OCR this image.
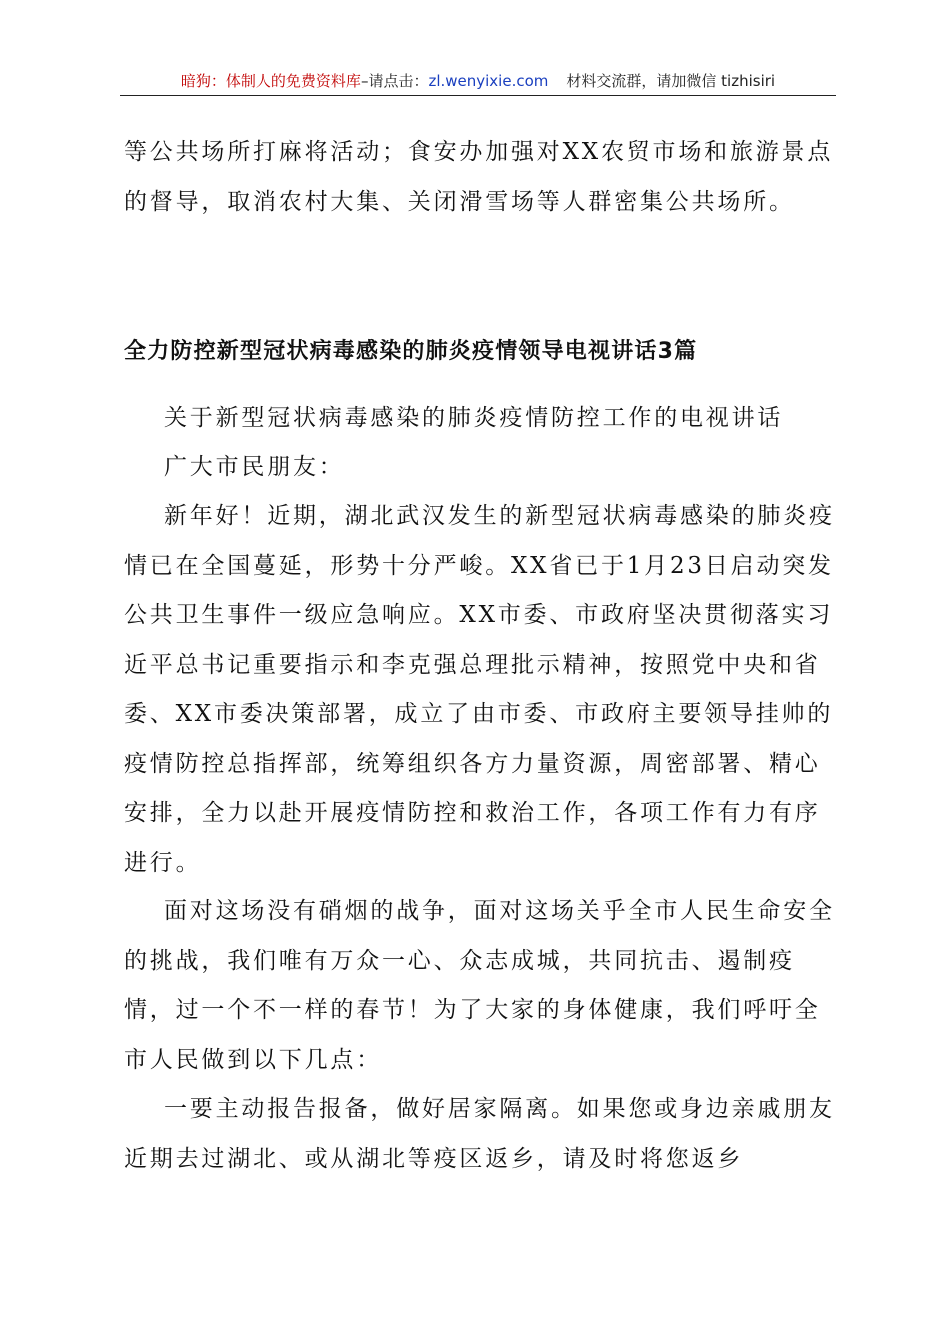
暗狗：体制人的免费资料库–请点击：zl.wenyixie.com 材料交流群，请加微信 tizhisiri

等公共场所打麻将活动；食安办加强对XX农贸市场和旅游景点的督导，取消农村大集、关闭滑雪场等人群密集公共场所。

全力防控新型冠状病毒感染的肺炎疫情领导电视讲话3篇

关于新型冠状病毒感染的肺炎疫情防控工作的电视讲话

广大市民朋友：

新年好！近期，湖北武汉发生的新型冠状病毒感染的肺炎疫情已在全国蔓延，形势十分严峻。XX省已于1月23日启动突发公共卫生事件一级应急响应。XX市委、市政府坚决贯彻落实习近平总书记重要指示和李克强总理批示精神，按照党中央和省委、XX市委决策部署，成立了由市委、市政府主要领导挂帅的疫情防控总指挥部，统筹组织各方力量资源，周密部署、精心安排，全力以赴开展疫情防控和救治工作，各项工作有力有序进行。

面对这场没有硝烟的战争，面对这场关乎全市人民生命安全的挑战，我们唯有万众一心、众志成城，共同抗击、遏制疫情，过一个不一样的春节！为了大家的身体健康，我们呼吁全市人民做到以下几点：

一要主动报告报备，做好居家隔离。如果您或身边亲戚朋友近期去过湖北、或从湖北等疫区返乡，请及时将您返乡
